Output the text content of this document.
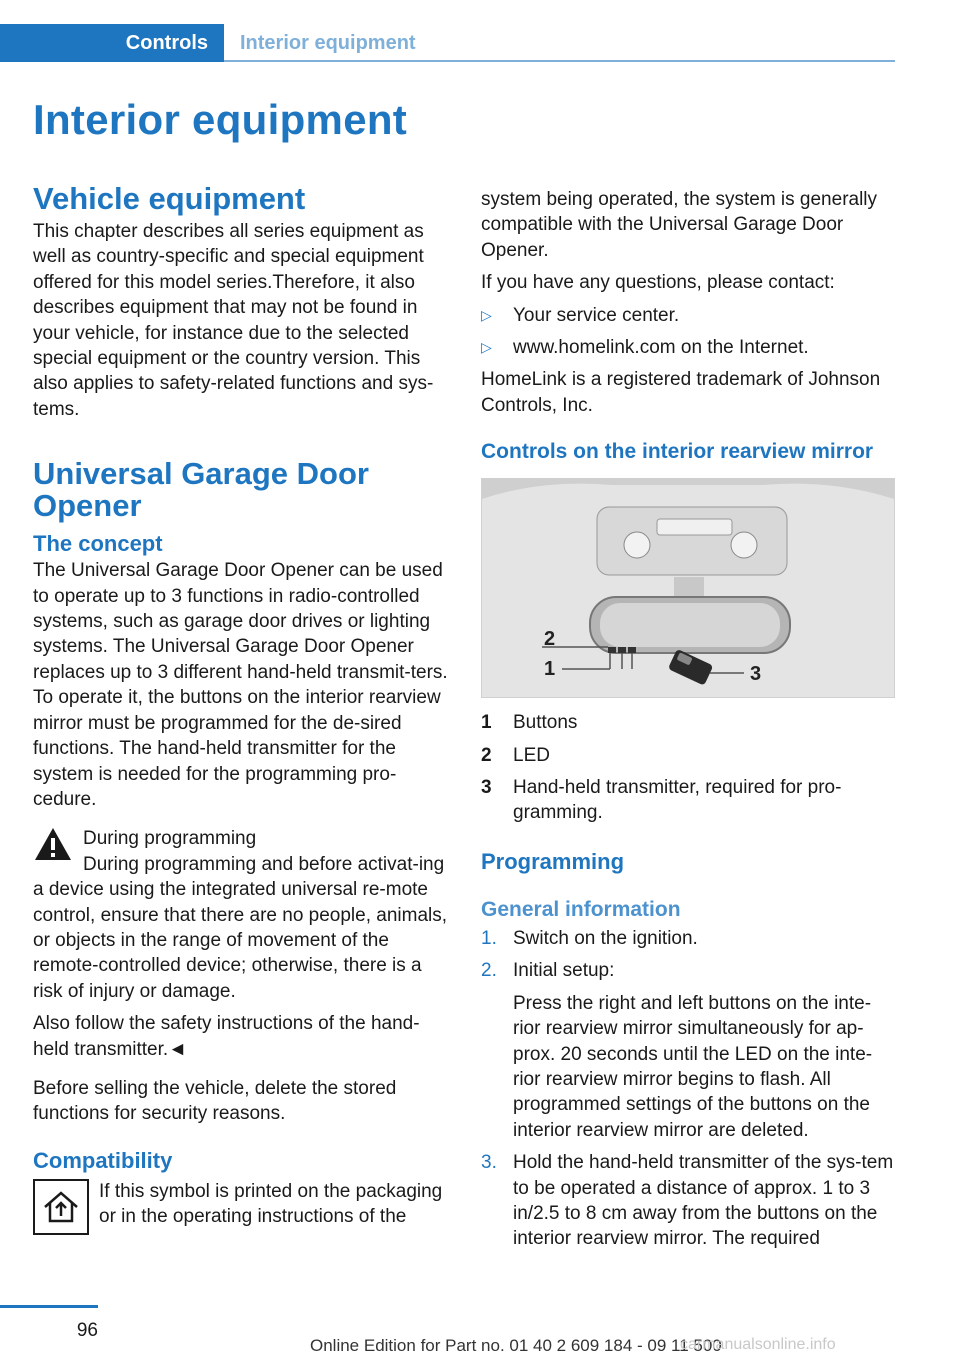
Controls	Interior equipment
Interior equipment
Vehicle equipment

This chapter describes all series equipment as well as country-specific and special equipment offered for this model series.Therefore, it also describes equipment that may not be found in your vehicle, for instance due to the selected special equipment or the country version. This also applies to safety-related functions and sys-tems.

Universal Garage Door Opener
The concept

The Universal Garage Door Opener can be used to operate up to 3 functions in radio-controlled systems, such as garage door drives or lighting systems. The Universal Garage Door Opener replaces up to 3 different hand-held transmit-ters. To operate it, the buttons on the interior rearview mirror must be programmed for the de-sired functions. The hand-held transmitter for the system is needed for the programming pro-cedure.

During programming

During programming and before activat-ing a device using the integrated universal re-mote control, ensure that there are no people, animals, or objects in the range of movement of the remote-controlled device; otherwise, there is a risk of injury or damage.

Also follow the safety instructions of the hand-held transmitter.◄

Before selling the vehicle, delete the stored functions for security reasons.

Compatibility
If this symbol is printed on the packaging or in the operating instructions of the

system being operated, the system is generally compatible with the Universal Garage Door Opener.

If you have any questions, please contact:

▷	Your service center.
▷	www.homelink.com on the Internet.

HomeLink is a registered trademark of Johnson Controls, Inc.

Controls on the interior rearview mirror
2
1	3
1	Buttons
2	LED
3	Hand-held transmitter, required for pro-gramming.
Programming
General information
1. Switch on the ignition.
2. Initial setup:
Press the right and left buttons on the inte-rior rearview mirror simultaneously for ap-prox. 20 seconds until the LED on the inte-rior rearview mirror begins to flash. All programmed settings of the buttons on the interior rearview mirror are deleted.
3. Hold the hand-held transmitter of the sys-tem to be operated a distance of approx. 1 to 3 in/2.5 to 8 cm away from the buttons on the interior rearview mirror. The required
96
Online Edition for Part no. 01 40 2 609 184 - 09 11 500
carmanualsonline.info
